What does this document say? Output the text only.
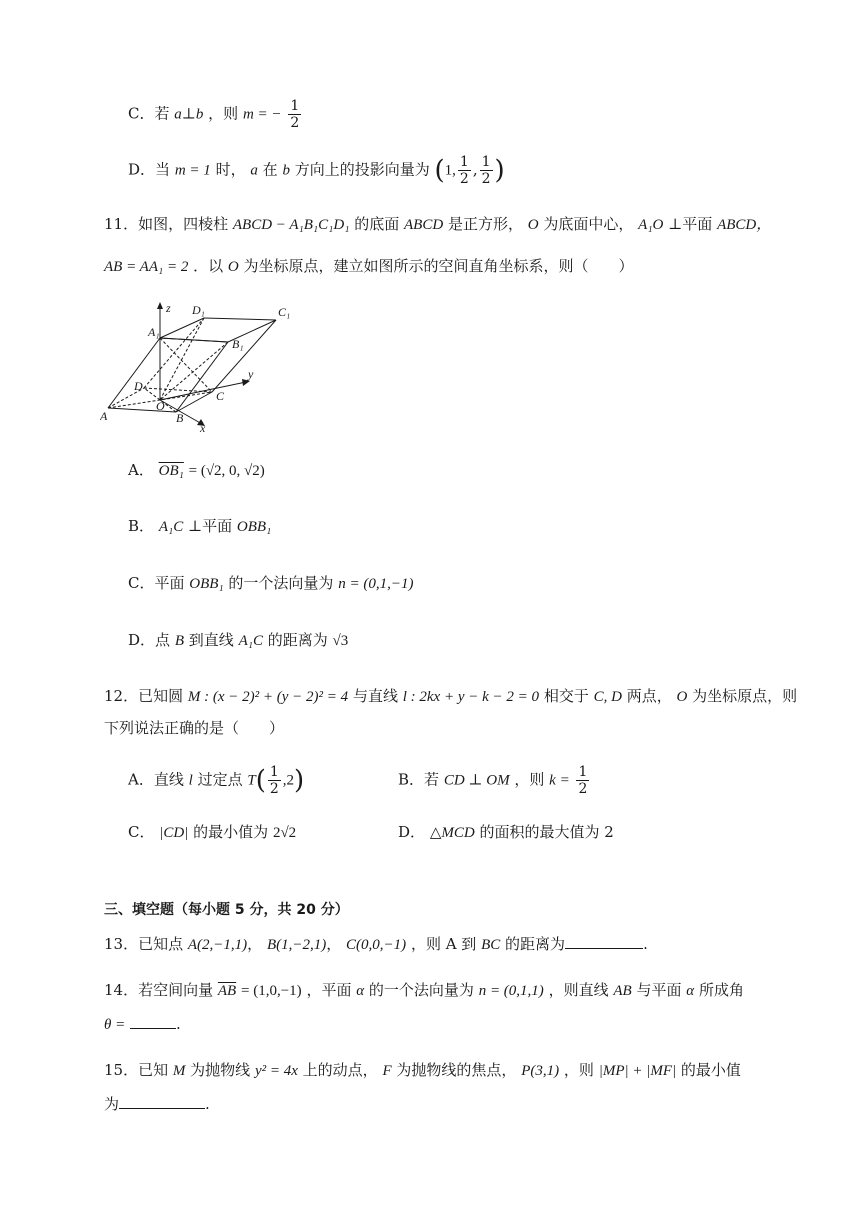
C．若 a⊥b ，则 m = − $\frac{1}{2}$
D．当 m = 1 时， a 在 b 方向上的投影向量为 (1, $\frac{1}{2}$ , $\frac{1}{2}$ )
11．如图，四棱柱 ABCD − A₁B₁C₁D₁ 的底面 ABCD 是正方形， O 为底面中心， A₁O ⊥平面 ABCD，
AB = AA₁ = 2 ．以 O 为坐标原点，建立如图所示的空间直角坐标系，则（　　）
z D₁	C₁
A₁
B₁
D
O
y
C
A	B
x
A． OB₁ = (√2, 0, √2)
B． A₁C ⊥平面 OBB₁
C．平面 OBB₁ 的一个法向量为 n = (0,1,−1)
D．点 B 到直线 A₁C 的距离为 √3
12．已知圆 M : (x − 2)² + (y − 2)² = 4 与直线 l : 2kx + y − k − 2 = 0 相交于 C, D 两点， O 为坐标原点，则
下列说法正确的是（　　）
A．直线 l 过定点 $T( \frac{1}{2} ,2)$	B．若 CD ⊥ OM ，则 $k = \frac{1}{2}$
C． |CD| 的最小值为 2√2	D． △MCD 的面积的最大值为 2
三、填空题（每小题 5 分，共 20 分）
13．已知点 A(2,−1,1)， B(1,−2,1)， C(0,0,−1) ，则 A 到 BC 的距离为	.
14．若空间向量 $\overline{AB} = (1,0,-1)$ ，平面 α 的一个法向量为 n = (0,1,1) ，则直线 AB 与平面 α 所成角
θ =	.
15．已知 M 为抛物线 y² = 4x 上的动点， F 为抛物线的焦点， P(3,1) ，则 |MP| + |MF| 的最小值
为	.
